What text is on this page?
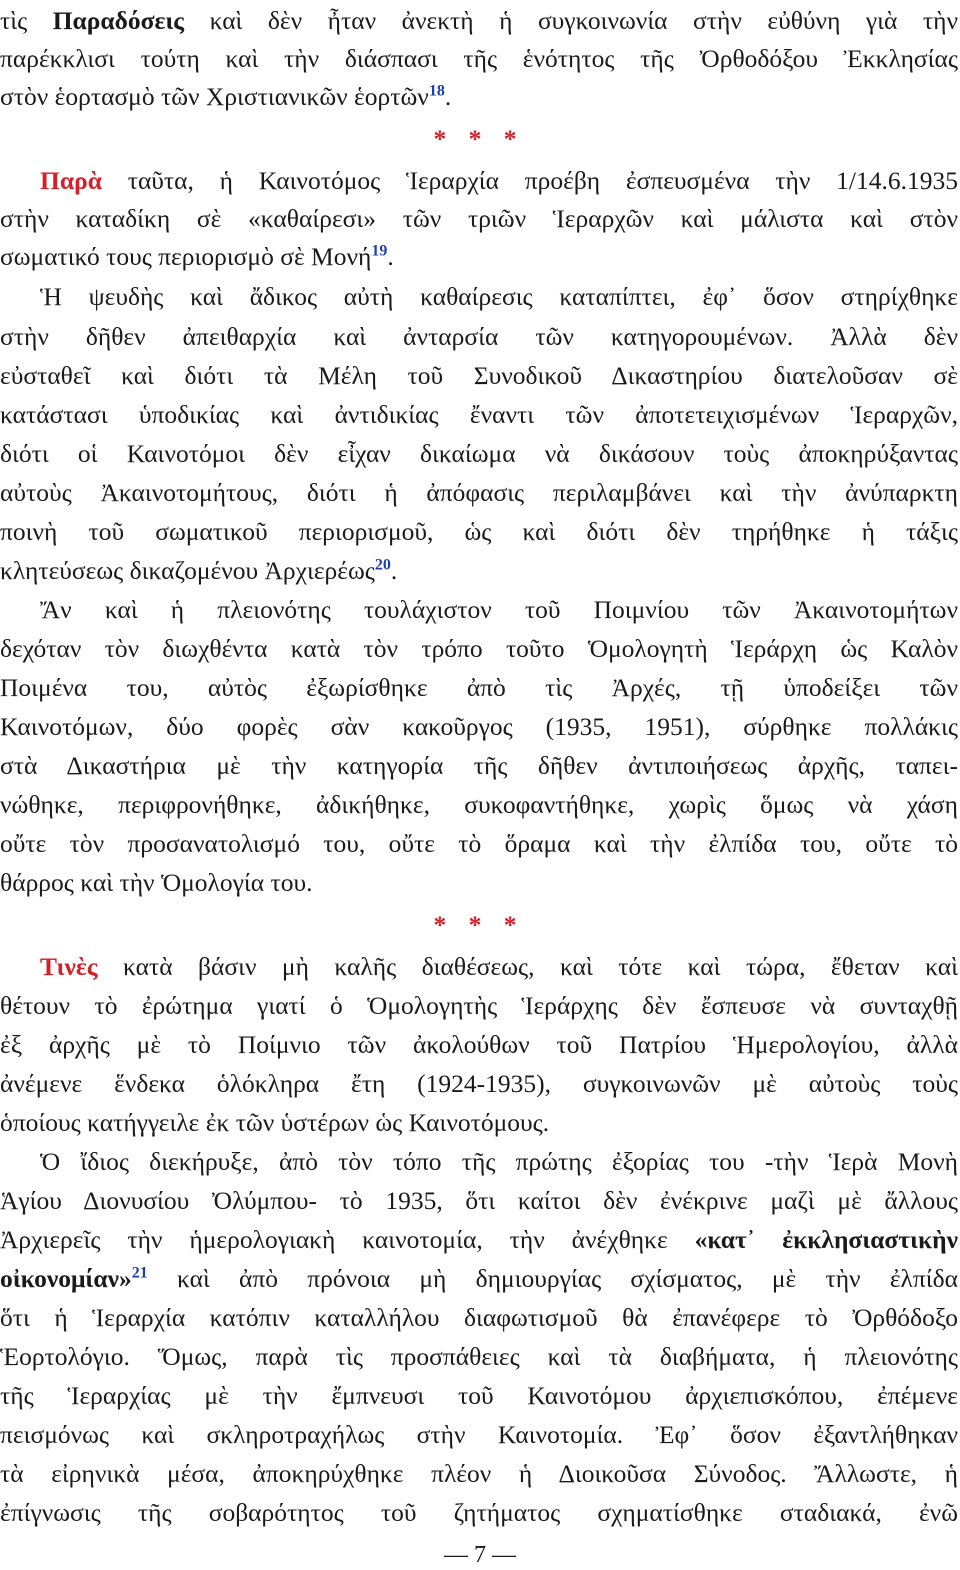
τὶς Παραδόσεις καὶ δὲν ἦταν ἀνεκτὴ ἡ συγκοινωνία στὴν εὐθύνη γιὰ τὴν
παρέκκλισι τούτη καὶ τὴν διάσπασι τῆς ἑνότητος τῆς Ὀρθοδόξου Ἐκκλησίας
στὸν ἑορτασμὸ τῶν Χριστιανικῶν ἑορτῶν$^{18}$.
* * *
Παρὰ ταῦτα, ἡ Καινοτόμος Ἱεραρχία προέβη ἐσπευσμένα τὴν 1/14.6.1935
στὴν καταδίκη σὲ «καθαίρεσι» τῶν τριῶν Ἱεραρχῶν καὶ μάλιστα καὶ στὸν
σωματικό τους περιορισμὸ σὲ Μονή$^{19}$.
Ἡ ψευδὴς καὶ ἄδικος αὐτὴ καθαίρεσις καταπίπτει, ἐφ᾽ ὅσον στηρίχθηκε
στὴν δῆθεν ἀπειθαρχία καὶ ἀνταρσία τῶν κατηγορουμένων. Ἀλλὰ δὲν
εὐσταθεῖ καὶ διότι τὰ Μέλη τοῦ Συνοδικοῦ Δικαστηρίου διατελοῦσαν σὲ
κατάστασι ὑποδικίας καὶ ἀντιδικίας ἔναντι τῶν ἀποτετειχισμένων Ἱεραρχῶν,
διότι οἱ Καινοτόμοι δὲν εἶχαν δικαίωμα νὰ δικάσουν τοὺς ἀποκηρύξαντας
αὐτοὺς Ἀκαινοτομήτους, διότι ἡ ἀπόφασις περιλαμβάνει καὶ τὴν ἀνύπαρκτη
ποινὴ τοῦ σωματικοῦ περιορισμοῦ, ὡς καὶ διότι δὲν τηρήθηκε ἡ τάξις
κλητεύσεως δικαζομένου Ἀρχιερέως$^{20}$.
Ἄν καὶ ἡ πλειονότης τουλάχιστον τοῦ Ποιμνίου τῶν Ἀκαινοτομήτων
δεχόταν τὸν διωχθέντα κατὰ τὸν τρόπο τοῦτο Ὁμολογητὴ Ἱεράρχη ὡς Καλὸν
Ποιμένα του, αὐτὸς ἐξωρίσθηκε ἀπὸ τὶς Ἀρχές, τῇ ὑποδείξει τῶν
Καινοτόμων, δύο φορὲς σὰν κακοῦργος (1935, 1951), σύρθηκε πολλάκις
στὰ Δικαστήρια μὲ τὴν κατηγορία τῆς δῆθεν ἀντιποιήσεως ἀρχῆς, ταπει-
νώθηκε, περιφρονήθηκε, ἀδικήθηκε, συκοφαντήθηκε, χωρὶς ὅμως νὰ χάση
οὔτε τὸν προσανατολισμό του, οὔτε τὸ ὅραμα καὶ τὴν ἐλπίδα του, οὔτε τὸ
θάρρος καὶ τὴν Ὁμολογία του.
* * *
Τινὲς κατὰ βάσιν μὴ καλῆς διαθέσεως, καὶ τότε καὶ τώρα, ἔθεταν καὶ
θέτουν τὸ ἐρώτημα γιατί ὁ Ὁμολογητὴς Ἱεράρχης δὲν ἔσπευσε νὰ συνταχθῇ
ἐξ ἀρχῆς μὲ τὸ Ποίμνιο τῶν ἀκολούθων τοῦ Πατρίου Ἡμερολογίου, ἀλλὰ
ἀνέμενε ἕνδεκα ὁλόκληρα ἔτη (1924-1935), συγκοινωνῶν μὲ αὐτοὺς τοὺς
ὁποίους κατήγγειλε ἐκ τῶν ὑστέρων ὡς Καινοτόμους.
Ὁ ἴδιος διεκήρυξε, ἀπὸ τὸν τόπο τῆς πρώτης ἐξορίας του -τὴν Ἱερὰ Μονὴ
Ἁγίου Διονυσίου Ὀλύμπου- τὸ 1935, ὅτι καίτοι δὲν ἐνέκρινε μαζὶ μὲ ἄλλους
Ἀρχιερεῖς τὴν ἡμερολογιακὴ καινοτομία, τὴν ἀνέχθηκε «κατ᾽ ἐκκλησιαστικὴν
οἰκονομίαν»$^{21}$ καὶ ἀπὸ πρόνοια μὴ δημιουργίας σχίσματος, μὲ τὴν ἐλπίδα
ὅτι ἡ Ἱεραρχία κατόπιν καταλλήλου διαφωτισμοῦ θὰ ἐπανέφερε τὸ Ὀρθόδοξο
Ἑορτολόγιο. Ὅμως, παρὰ τὶς προσπάθειες καὶ τὰ διαβήματα, ἡ πλειονότης
τῆς Ἱεραρχίας μὲ τὴν ἔμπνευσι τοῦ Καινοτόμου ἀρχιεπισκόπου, ἐπέμενε
πεισμόνως καὶ σκληροτραχήλως στὴν Καινοτομία. Ἐφ᾽ ὅσον ἐξαντλήθηκαν
τὰ εἰρηνικὰ μέσα, ἀποκηρύχθηκε πλέον ἡ Διοικοῦσα Σύνοδος. Ἄλλωστε, ἡ
ἐπίγνωσις τῆς σοβαρότητος τοῦ ζητήματος σχηματίσθηκε σταδιακά, ἐνῶ
— 7 —
